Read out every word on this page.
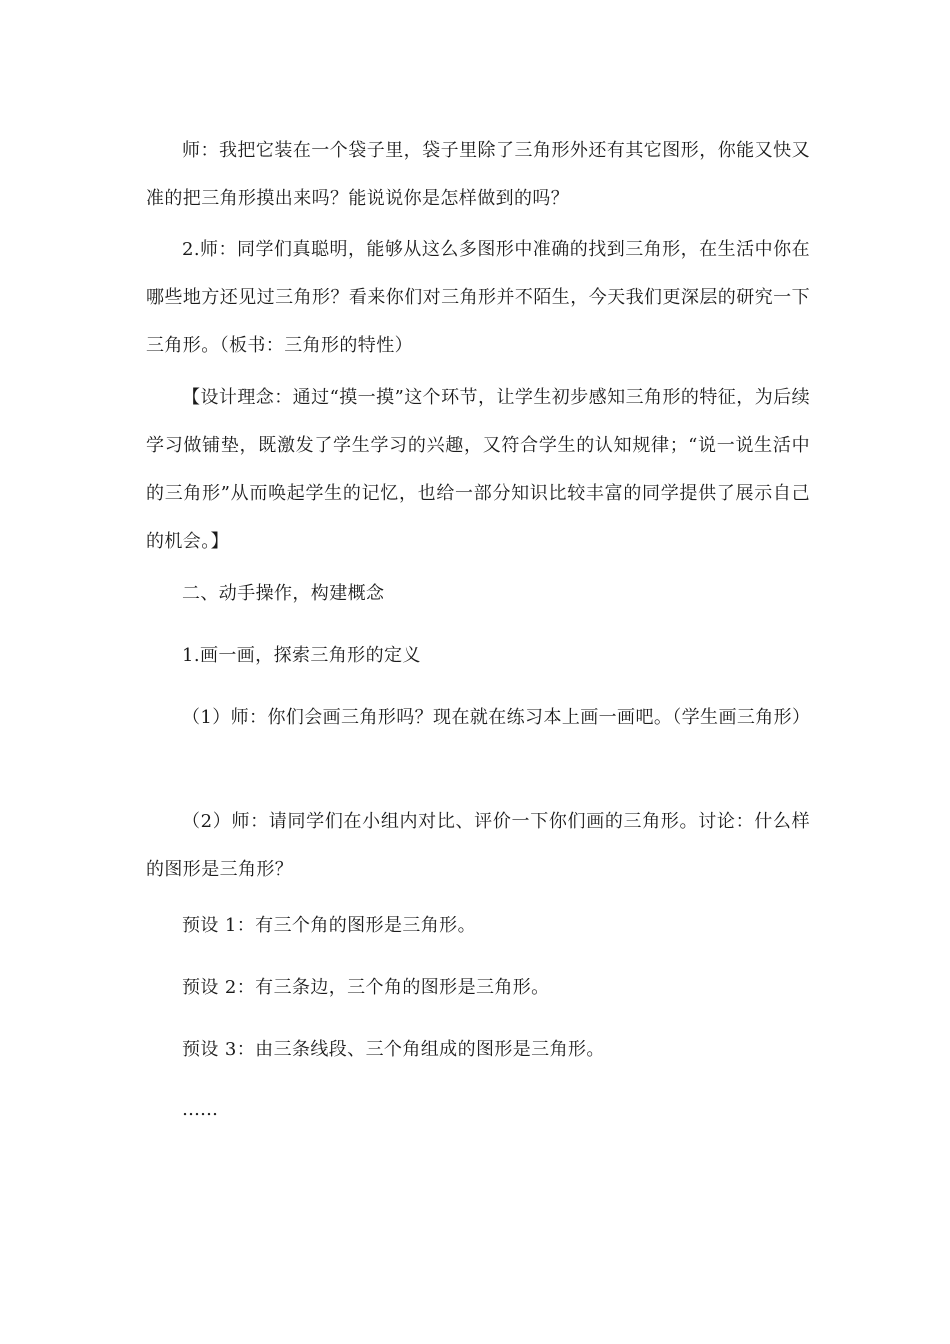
师：我把它装在一个袋子里，袋子里除了三角形外还有其它图形，你能又快又准的把三角形摸出来吗？能说说你是怎样做到的吗？

2.师：同学们真聪明，能够从这么多图形中准确的找到三角形，在生活中你在哪些地方还见过三角形？看来你们对三角形并不陌生，今天我们更深层的研究一下三角形。（板书：三角形的特性）

【设计理念：通过“摸一摸”这个环节，让学生初步感知三角形的特征，为后续学习做铺垫，既激发了学生学习的兴趣，又符合学生的认知规律；“说一说生活中的三角形”从而唤起学生的记忆，也给一部分知识比较丰富的同学提供了展示自己的机会。】

二、动手操作，构建概念

1.画一画，探索三角形的定义

（1）师：你们会画三角形吗？现在就在练习本上画一画吧。（学生画三角形）

（2）师：请同学们在小组内对比、评价一下你们画的三角形。讨论：什么样的图形是三角形？

预设 1：有三个角的图形是三角形。

预设 2：有三条边，三个角的图形是三角形。

预设 3：由三条线段、三个角组成的图形是三角形。

……
